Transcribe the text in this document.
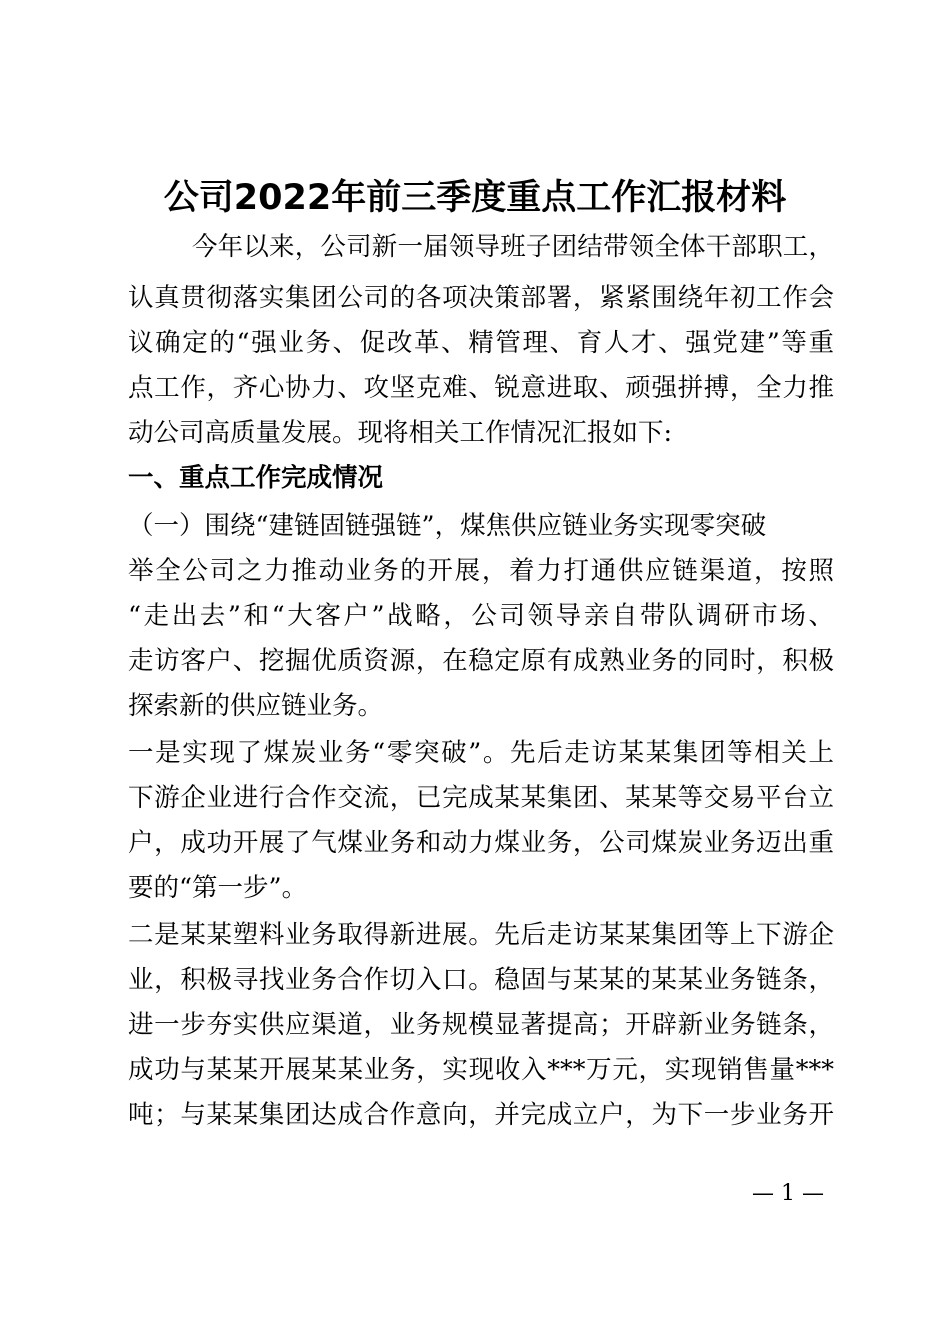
公司2022年前三季度重点工作汇报材料
今年以来，公司新一届领导班子团结带领全体干部职工，
认真贯彻落实集团公司的各项决策部署，紧紧围绕年初工作会
议确定的“强业务、促改革、精管理、育人才、强党建”等重
点工作，齐心协力、攻坚克难、锐意进取、顽强拼搏，全力推
动公司高质量发展。现将相关工作情况汇报如下:
一、重点工作完成情况
（一）围绕“建链固链强链”，煤焦供应链业务实现零突破
举全公司之力推动业务的开展，着力打通供应链渠道，按照
“走出去”和“大客户”战略，公司领导亲自带队调研市场、
走访客户、挖掘优质资源，在稳定原有成熟业务的同时，积极
探索新的供应链业务。
一是实现了煤炭业务“零突破”。先后走访某某集团等相关上
下游企业进行合作交流，已完成某某集团、某某等交易平台立
户，成功开展了气煤业务和动力煤业务，公司煤炭业务迈出重
要的“第一步”。
二是某某塑料业务取得新进展。先后走访某某集团等上下游企
业，积极寻找业务合作切入口。稳固与某某的某某业务链条，
进一步夯实供应渠道，业务规模显著提高；开辟新业务链条，
成功与某某开展某某业务，实现收入***万元，实现销售量***
吨；与某某集团达成合作意向，并完成立户，为下一步业务开
— 1 —
